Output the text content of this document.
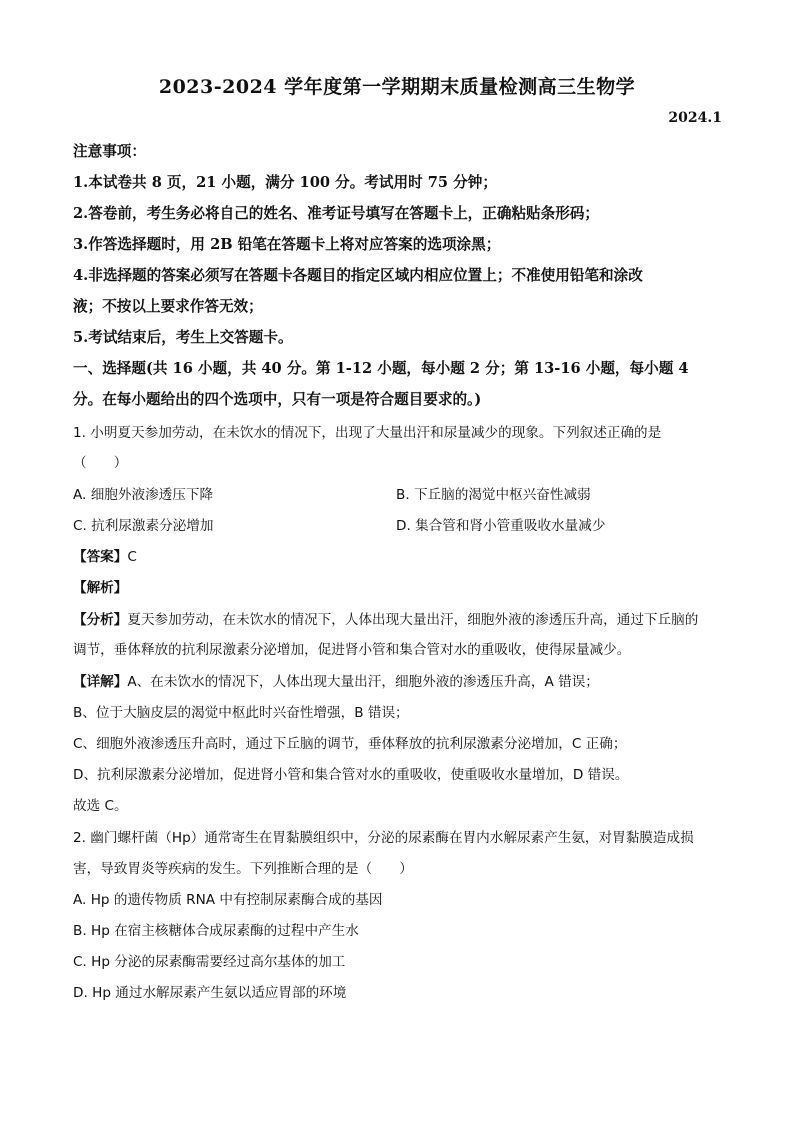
2023-2024 学年度第一学期期末质量检测高三生物学
2024.1
注意事项：
1.本试卷共 8 页，21 小题，满分 100 分。考试用时 75 分钟；
2.答卷前，考生务必将自己的姓名、准考证号填写在答题卡上，正确粘贴条形码；
3.作答选择题时，用 2B 铅笔在答题卡上将对应答案的选项涂黑；
4.非选择题的答案必须写在答题卡各题目的指定区域内相应位置上；不准使用铅笔和涂改
液；不按以上要求作答无效；
5.考试结束后，考生上交答题卡。
一、选择题(共 16 小题，共 40 分。第 1-12 小题，每小题 2 分；第 13-16 小题，每小题 4
分。在每小题给出的四个选项中，只有一项是符合题目要求的。)
1. 小明夏天参加劳动，在未饮水的情况下，出现了大量出汗和尿量减少的现象。下列叙述正确的是
（　　）
A. 细胞外液渗透压下降	B. 下丘脑的渴觉中枢兴奋性减弱
C. 抗利尿激素分泌增加	D. 集合管和肾小管重吸收水量减少
【答案】C
【解析】
【分析】夏天参加劳动，在未饮水的情况下，人体出现大量出汗，细胞外液的渗透压升高，通过下丘脑的
调节，垂体释放的抗利尿激素分泌增加，促进肾小管和集合管对水的重吸收，使得尿量减少。
【详解】A、在未饮水的情况下，人体出现大量出汗，细胞外液的渗透压升高，A 错误；
B、位于大脑皮层的渴觉中枢此时兴奋性增强，B 错误；
C、细胞外液渗透压升高时，通过下丘脑的调节，垂体释放的抗利尿激素分泌增加，C 正确；
D、抗利尿激素分泌增加，促进肾小管和集合管对水的重吸收，使重吸收水量增加，D 错误。
故选 C。
2. 幽门螺杆菌（Hp）通常寄生在胃黏膜组织中，分泌的尿素酶在胃内水解尿素产生氨，对胃黏膜造成损
害，导致胃炎等疾病的发生。下列推断合理的是（　　）
A. Hp 的遗传物质 RNA 中有控制尿素酶合成的基因
B. Hp 在宿主核糖体合成尿素酶的过程中产生水
C. Hp 分泌的尿素酶需要经过高尔基体的加工
D. Hp 通过水解尿素产生氨以适应胃部的环境
